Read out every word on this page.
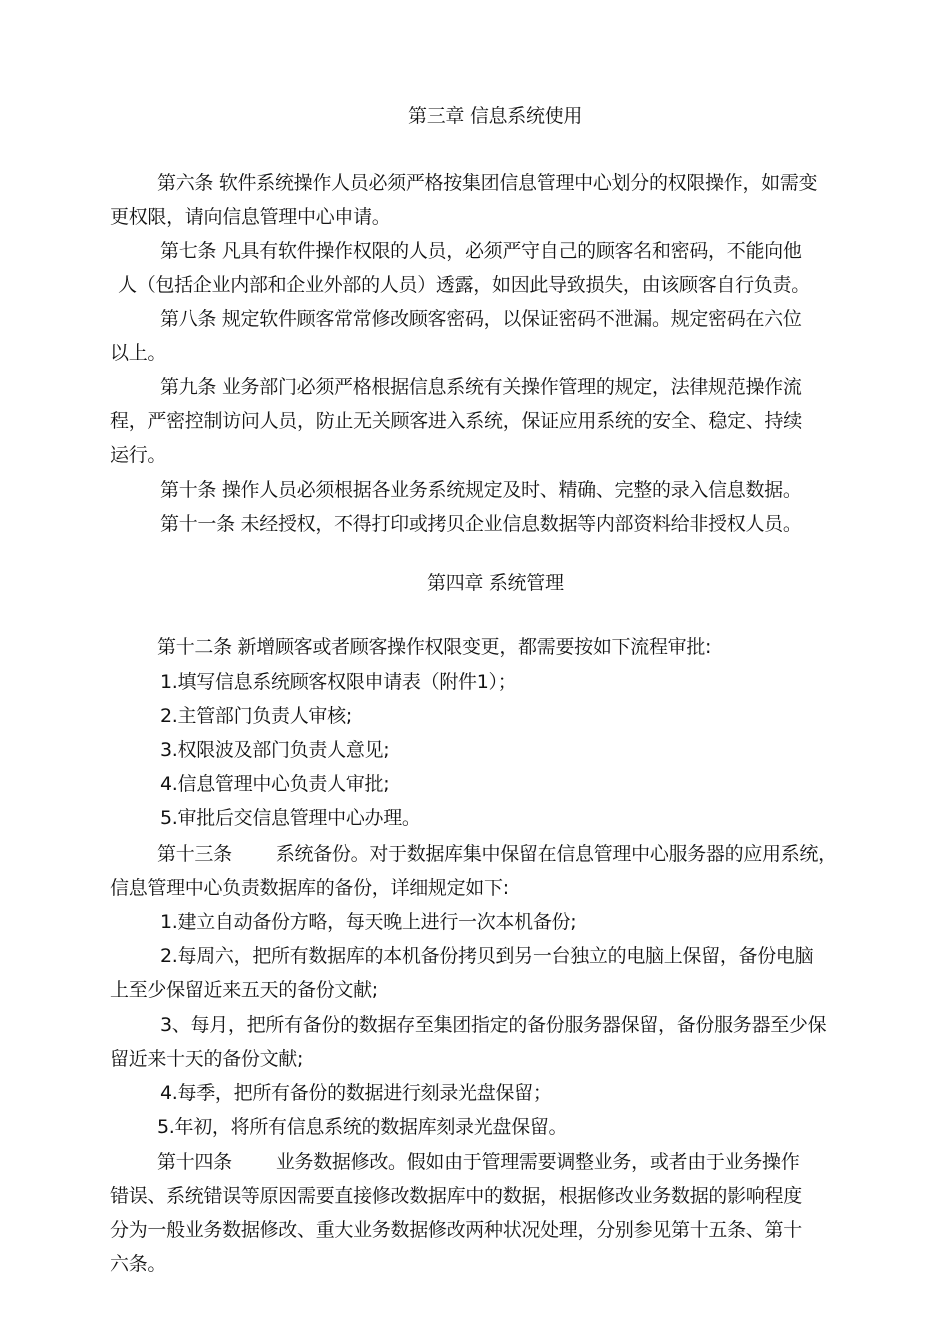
第三章 信息系统使用
第六条 软件系统操作人员必须严格按集团信息管理中心划分的权限操作，如需变
更权限，请向信息管理中心申请。
第七条 凡具有软件操作权限的人员，必须严守自己的顾客名和密码，不能向他
人（包括企业内部和企业外部的人员）透露，如因此导致损失，由该顾客自行负责。
第八条 规定软件顾客常常修改顾客密码，以保证密码不泄漏。规定密码在六位
以上。
第九条 业务部门必须严格根据信息系统有关操作管理的规定，法律规范操作流
程，严密控制访问人员，防止无关顾客进入系统，保证应用系统的安全、稳定、持续
运行。
第十条 操作人员必须根据各业务系统规定及时、精确、完整的录入信息数据。
第十一条 未经授权，不得打印或拷贝企业信息数据等内部资料给非授权人员。
第四章 系统管理
第十二条 新增顾客或者顾客操作权限变更，都需要按如下流程审批:
1.填写信息系统顾客权限申请表（附件1）；
2.主管部门负责人审核;
3.权限波及部门负责人意见;
4.信息管理中心负责人审批;
5.审批后交信息管理中心办理。
第十三条 系统备份。对于数据库集中保留在信息管理中心服务器的应用系统，
信息管理中心负责数据库的备份，详细规定如下:
1.建立自动备份方略，每天晚上进行一次本机备份;
2.每周六，把所有数据库的本机备份拷贝到另一台独立的电脑上保留，备份电脑
上至少保留近来五天的备份文献;
3、每月，把所有备份的数据存至集团指定的备份服务器保留，备份服务器至少保
留近来十天的备份文献;
4.每季，把所有备份的数据进行刻录光盘保留；
5.年初，将所有信息系统的数据库刻录光盘保留。
第十四条 业务数据修改。假如由于管理需要调整业务，或者由于业务操作
错误、系统错误等原因需要直接修改数据库中的数据，根据修改业务数据的影响程度
分为一般业务数据修改、重大业务数据修改两种状况处理，分别参见第十五条、第十
六条。
